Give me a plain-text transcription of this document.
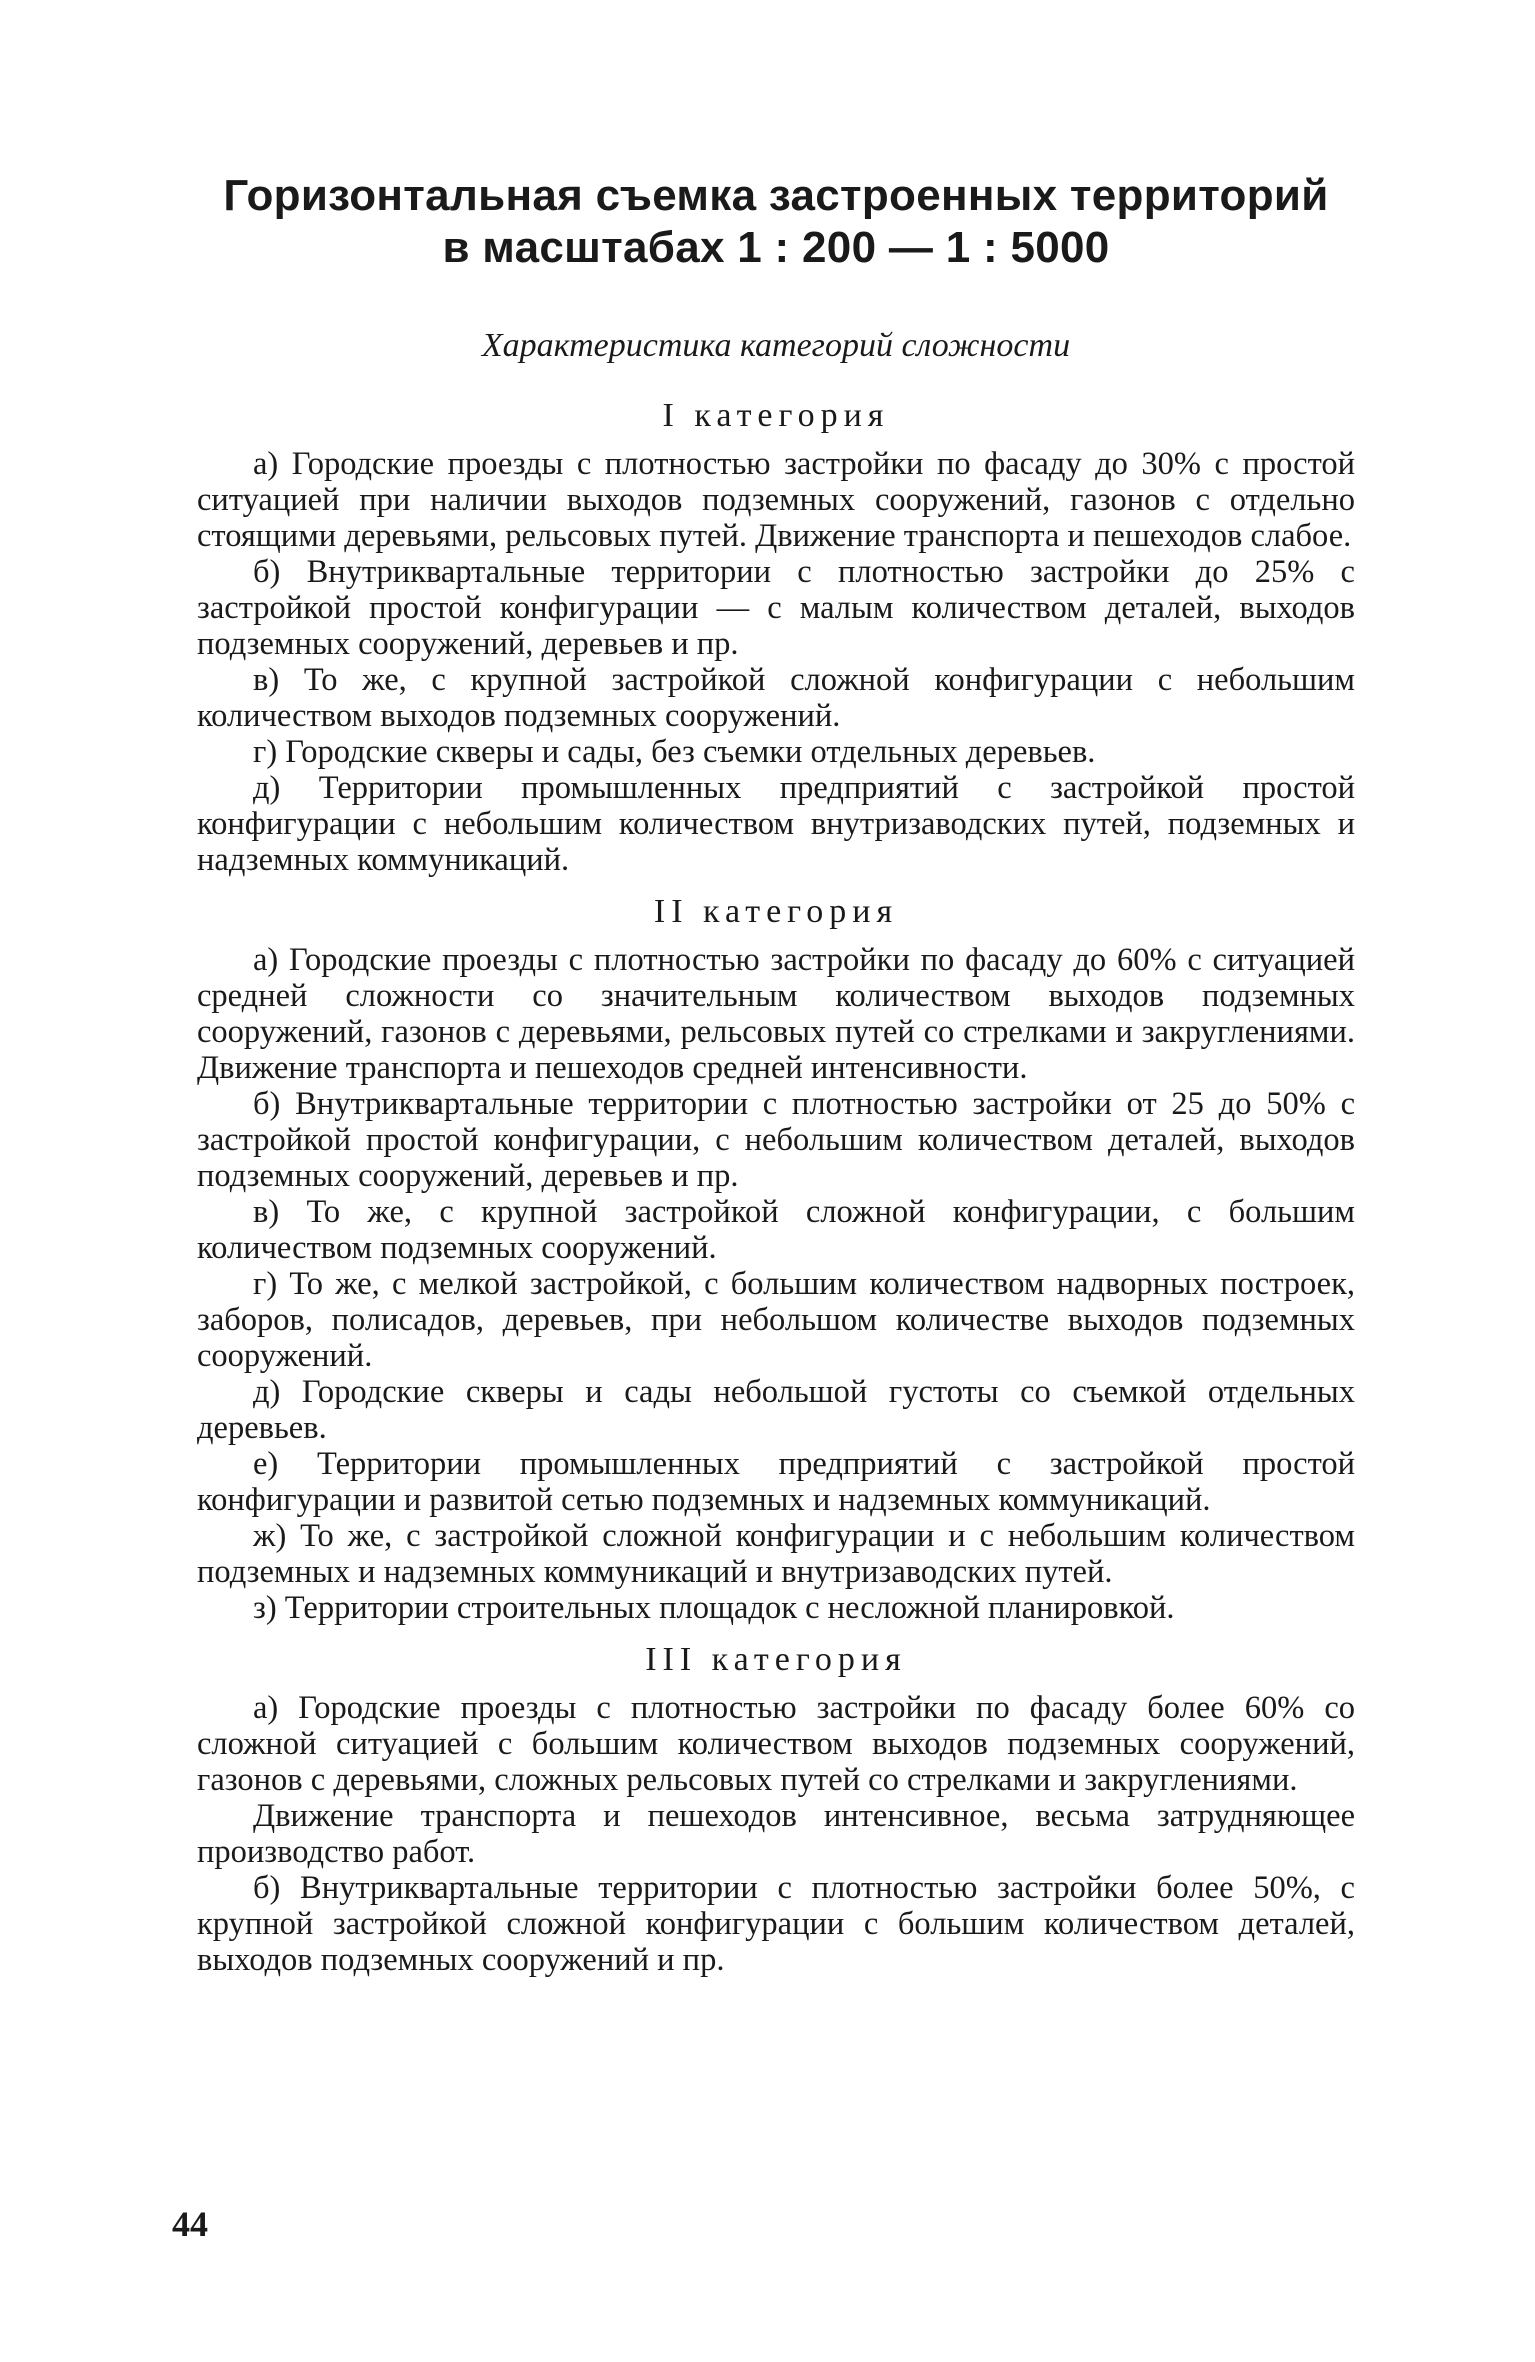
Горизонтальная съемка застроенных территорий
в масштабах 1 : 200 — 1 : 5000
Характеристика категорий сложности
I категория

а) Городские проезды с плотностью застройки по фасаду до 30% с простой ситуацией при наличии выходов подземных сооружений, газонов с отдельно стоящими деревьями, рельсовых путей. Движение транспорта и пешеходов слабое.

б) Внутриквартальные территории с плотностью застройки до 25% с застройкой простой конфигурации — с малым количеством деталей, выходов подземных сооружений, деревьев и пр.

в) То же, с крупной застройкой сложной конфигурации с небольшим количеством выходов подземных сооружений.

г) Городские скверы и сады, без съемки отдельных деревьев.

д) Территории промышленных предприятий с застройкой простой конфигурации с небольшим количеством внутризаводских путей, подземных и надземных коммуникаций.

II категория

а) Городские проезды с плотностью застройки по фасаду до 60% с ситуацией средней сложности со значительным количеством выходов подземных сооружений, газонов с деревьями, рельсовых путей со стрелками и закруглениями. Движение транспорта и пешеходов средней интенсивности.

б) Внутриквартальные территории с плотностью застройки от 25 до 50% с застройкой простой конфигурации, с небольшим количеством деталей, выходов подземных сооружений, деревьев и пр.

в) То же, с крупной застройкой сложной конфигурации, с большим количеством подземных сооружений.

г) То же, с мелкой застройкой, с большим количеством надворных построек, заборов, полисадов, деревьев, при небольшом количестве выходов подземных сооружений.

д) Городские скверы и сады небольшой густоты со съемкой отдельных деревьев.

е) Территории промышленных предприятий с застройкой простой конфигурации и развитой сетью подземных и надземных коммуникаций.

ж) То же, с застройкой сложной конфигурации и с небольшим количеством подземных и надземных коммуникаций и внутризаводских путей.

з) Территории строительных площадок с несложной планировкой.

III категория

а) Городские проезды с плотностью застройки по фасаду более 60% со сложной ситуацией с большим количеством выходов подземных сооружений, газонов с деревьями, сложных рельсовых путей со стрелками и закруглениями.

Движение транспорта и пешеходов интенсивное, весьма затрудняющее производство работ.

б) Внутриквартальные территории с плотностью застройки более 50%, с крупной застройкой сложной конфигурации с большим количеством деталей, выходов подземных сооружений и пр.

44
